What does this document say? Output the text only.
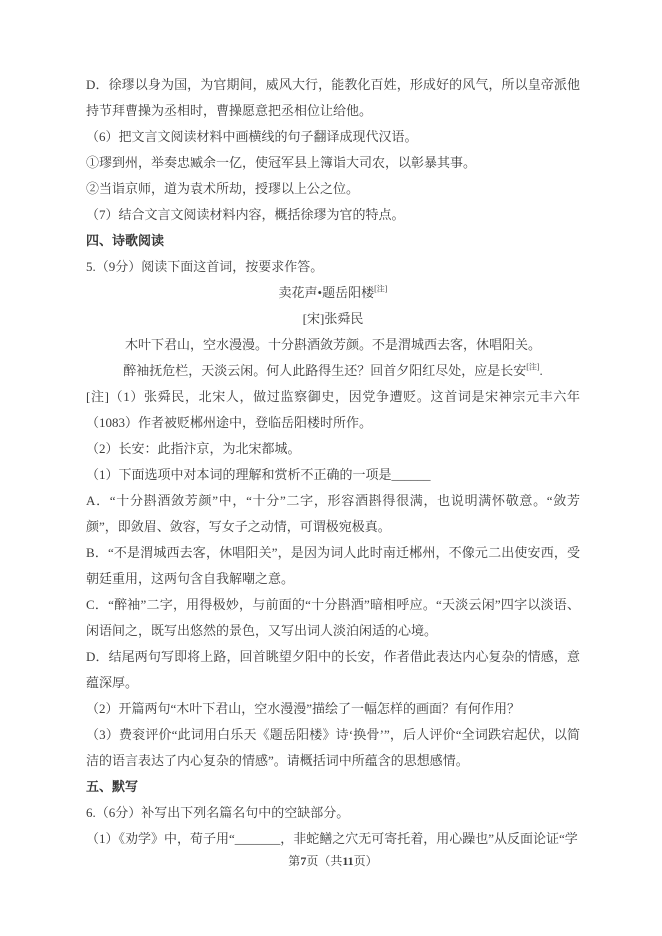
D．徐璆以身为国，为官期间，威风大行，能教化百姓，形成好的风气，所以皇帝派他持节拜曹操为丞相时，曹操愿意把丞相位让给他。

（6）把文言文阅读材料中画横线的句子翻译成现代汉语。

①璆到州，举奏忠臧余一亿，使冠军县上簿诣大司农，以彰暴其事。

②当诣京师，道为袁术所劫，授璆以上公之位。

（7）结合文言文阅读材料内容，概括徐璆为官的特点。

四、诗歌阅读

5.（9分）阅读下面这首词，按要求作答。

卖花声•题岳阳楼[注]

[宋]张舜民

木叶下君山，空水漫漫。十分斟酒敛芳颜。不是渭城西去客，休唱阳关。

醉袖抚危栏，天淡云闲。何人此路得生还？回首夕阳红尽处，应是长安[注].

[注]（1）张舜民，北宋人，做过监察御史，因党争遭贬。这首词是宋神宗元丰六年（1083）作者被贬郴州途中，登临岳阳楼时所作。

（2）长安：此指汴京，为北宋都城。

（1）下面选项中对本词的理解和赏析不正确的一项是______

A．“十分斟酒敛芳颜”中，“十分”二字，形容酒斟得很满，也说明满怀敬意。“敛芳颜”，即敛眉、敛容，写女子之动情，可谓极宛极真。

B．“不是渭城西去客，休唱阳关”，是因为词人此时南迁郴州，不像元二出使安西，受朝廷重用，这两句含自我解嘲之意。

C．“醉袖”二字，用得极妙，与前面的“十分斟酒”暗相呼应。“天淡云闲”四字以淡语、闲语间之，既写出悠然的景色，又写出词人淡泊闲适的心境。

D．结尾两句写即将上路，回首眺望夕阳中的长安，作者借此表达内心复杂的情感，意蕴深厚。

（2）开篇两句“木叶下君山，空水漫漫”描绘了一幅怎样的画面？有何作用？

（3）费衮评价“此词用白乐天《题岳阳楼》诗‘换骨’”，后人评价“全词跌宕起伏，以简洁的语言表达了内心复杂的情感”。请概括词中所蕴含的思想感情。

五、默写

6.（6分）补写出下列名篇名句中的空缺部分。

（1）《劝学》中，荀子用“_______，非蛇鳝之穴无可寄托着，用心躁也”从反面论证“学

第7页（共11页）
